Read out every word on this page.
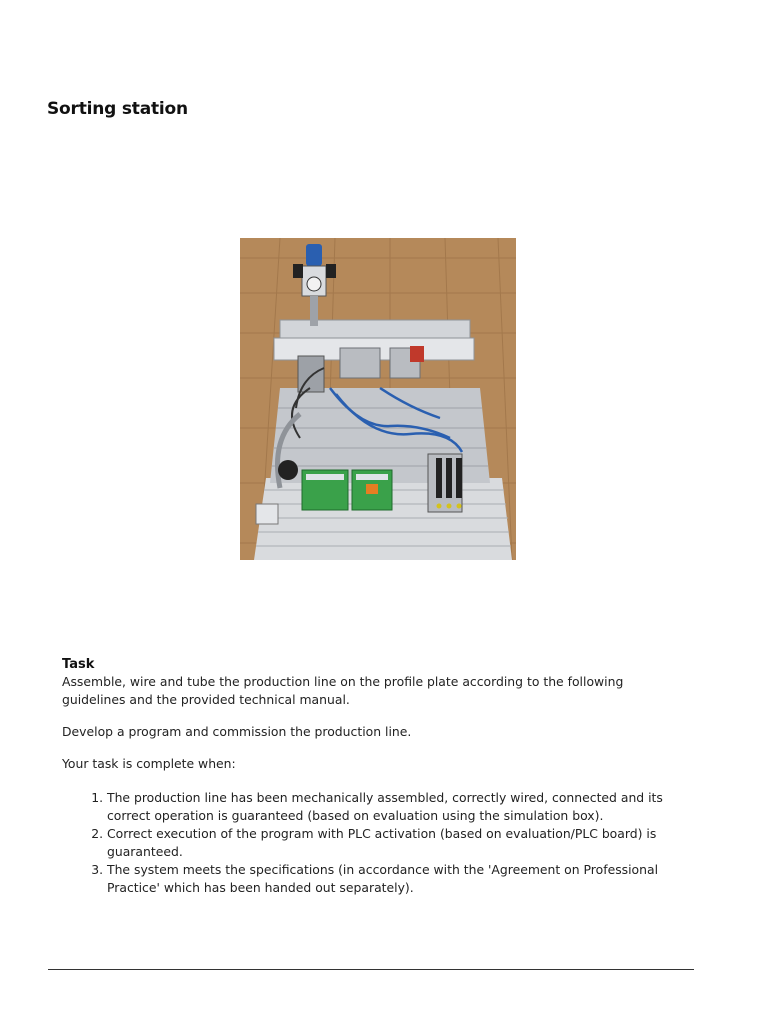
Sorting station
Task

Assemble, wire and tube the production line on the profile plate according to the following guidelines and the provided technical manual.

Develop a program and commission the production line.

Your task is complete when:

1. The production line has been mechanically assembled, correctly wired, connected and its correct operation is guaranteed (based on evaluation using the simulation box).
2. Correct execution of the program with PLC activation (based on evaluation/PLC board) is guaranteed.
3. The system meets the specifications (in accordance with the 'Agreement on Professional Practice' which has been handed out separately).
